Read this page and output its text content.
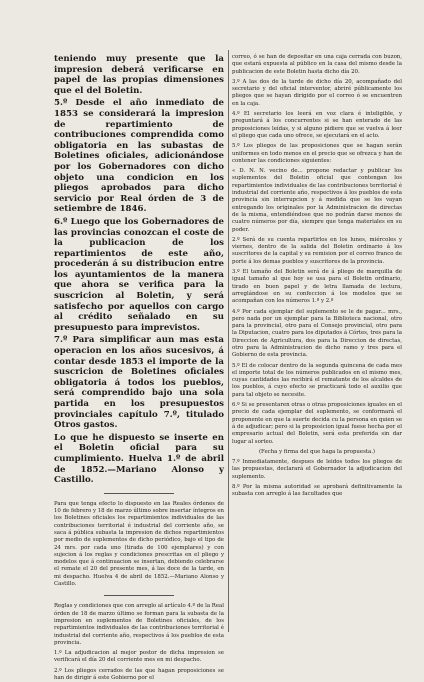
teniendo muy presente que la impresion deberá verificarse en papel de las propias dimensiones que el del Boletin.

5.º Desde el año inmediato de 1853 se considerará la impresion de repartimiento de contribuciones comprendida como obligatoria en las subastas de Boletines oficiales, adicionándose por los Gobernadores con dicho objeto una condicion en los pliegos aprobados para dicho servicio por Real órden de 3 de setiembre de 1846.

6.º Luego que los Gobernadores de las provincias conozcan el coste de la publicacion de los repartimientos de este año, procederán á su distribucion entre los ayuntamientos de la manera que ahora se verifica para la suscricion al Boletin, y será satisfecho por aquellos con cargo al crédito señalado en su presupuesto para imprevistos.

7.º Para simplificar aun mas esta operacion en los años sucesivos, á contar desde 1853 el importe de la suscricion de Boletines oficiales obligatoria á todos los pueblos, será comprendido bajo una sola partida en los presupuestos provinciales capítulo 7.º, titulado Otros gastos.

Lo que he dispuesto se inserte en el Boletin oficial para su cumplimiento. Huelva 1.º de abril de 1852.—Mariano Alonso y Castillo.

Para que tenga efecto lo dispuesto en las Reales órdenes de 10 de febrero y 18 de marzo último sobre insertar íntegros en los Boletines oficiales los repartimientos individuales de las contribuciones territorial é industrial del corriente año, se saca á pública subasta la impresion de dichos repartimientos por medio de suplementos de dicho periódico, bajo el tipo de 24 mrs. por cada uno (tirada de 100 ejemplares) y con sujecion á los reglas y condiciones prescritas en el pliego y modelos que á continuacion se insertan, debiendo celebrarse el remate el 20 del presente mes, á las doce de la tarde, en mi despacho. Huelva 4 de abril de 1852.—Mariano Alonso y Castillo.

Reglas y condiciones que con arreglo al artículo 4.º de la Real órden de 18 de marzo último se forman para la subasta de la impresion en suplementos de Boletines oficiales, de los repartimientos individuales de las contribuciones territorial é industrial del corriente año, respectivos á los pueblos de esta provincia.

1.º La adjudicacion al mejor postor de dicha impresion se verificará el día 20 del corriente mes en mi despacho.

2.º Los pliegos cerrados de las que hagan proposiciones se han de dirigir á este Gobierno por el

correo, ó se han de depositar en una caja cerrada con buzon, que estará expuesta al público en la casa del mismo desde la publicacion de este Boletin hasta dicho día 20.

3.º A las dos de la tarde de dicho día 20, acompañado del secretario y del oficial interventor, abriré públicamente los pliegos que se hayan dirigido por el correo ó se encuentren en la caja.

4.º El secretario los leerá en voz clara é inteligible, y preguntará á los concurrentes si se han enterado de las proposiciones leídas, y si alguno pidiere que se vuelva á leer el pliego que cada uno ofrece, se ejecutará en el acto.

5.º Los pliegos de las proposiciones que se hagan serán uniformes en todo menos en el precio que se ofrezca y han de contener las condiciones siguientes:

« D. N. N. vecino de... propone redactar y publicar los suplementos del Boletin oficial que contengan los repartimientos individuales de las contribuciones territorial é industrial del corriente año, respectivos á los pueblos de esta provincia sin interrupcion y á medida que se los vayan entregando los originales por la Administracion de directas de la misma, entendiéndose que no podrán darse menos de cuatro números por día, siempre que tenga materiales en su poder.

2.º Será de su cuenta repartirlos en los lunes, miércoles y viernes, dentro de la salida del Boletin ordinario á los suscritores de la capital y su remision por el correo franco de porte á los demas pueblos y suscritores de la provincia.

3.º El tamaño del Boletin será de á pliego de marquilla de igual tamaño al que hoy se usa para el Boletin ordinario, tirado en buen papel y de letra llamada de lectura, arreglándose en su confeccion á los modelos que se acompañan con los números 1.º y 2.º

4.º Por cada ejemplar del suplemento se le de pagar... mrs., pero nada por un ejemplar para la Biblioteca nacional, otro para la provincial, otro para el Consejo provincial, otro para la Diputacion, cuatro para los diputados á Córtes, tres para la Direccion de Agricultura, dos para la Direccion de directas, otro para la Administracion de dicho ramo y tres para el Gobierno de esta provincia.

5.º El de colocar dentro de la segunda quincena de cada mes el importe total de los números publicados en el mismo mes, cuyas cantidades las recibirá el rematante de los alcaldes de los pueblos, á cuyo efecto se practicará todo el auxilio que para tal objeto se necesite.

6.º Si se presentaren otras o otras proposiciones iguales en el precio de cada ejemplar del suplemento, se conformará el proponente en que la suerte decida cu la persona en quien se á de adjudicar; pero si la proposicion igual fuese hecha por el empresario actual del Boletin, será esta preferida sin dar lugar al sorteo.

(Fecha y firma del que haga la propuesta.)

7.º Inmediatamente, despues de leidos todos los pliegos de las propuestas, declarará el Gobernador la adjudicacion del suplemento.

8.º Por la misma autoridad se aprobará definitivamente la subasta con arreglo á las facultades que
